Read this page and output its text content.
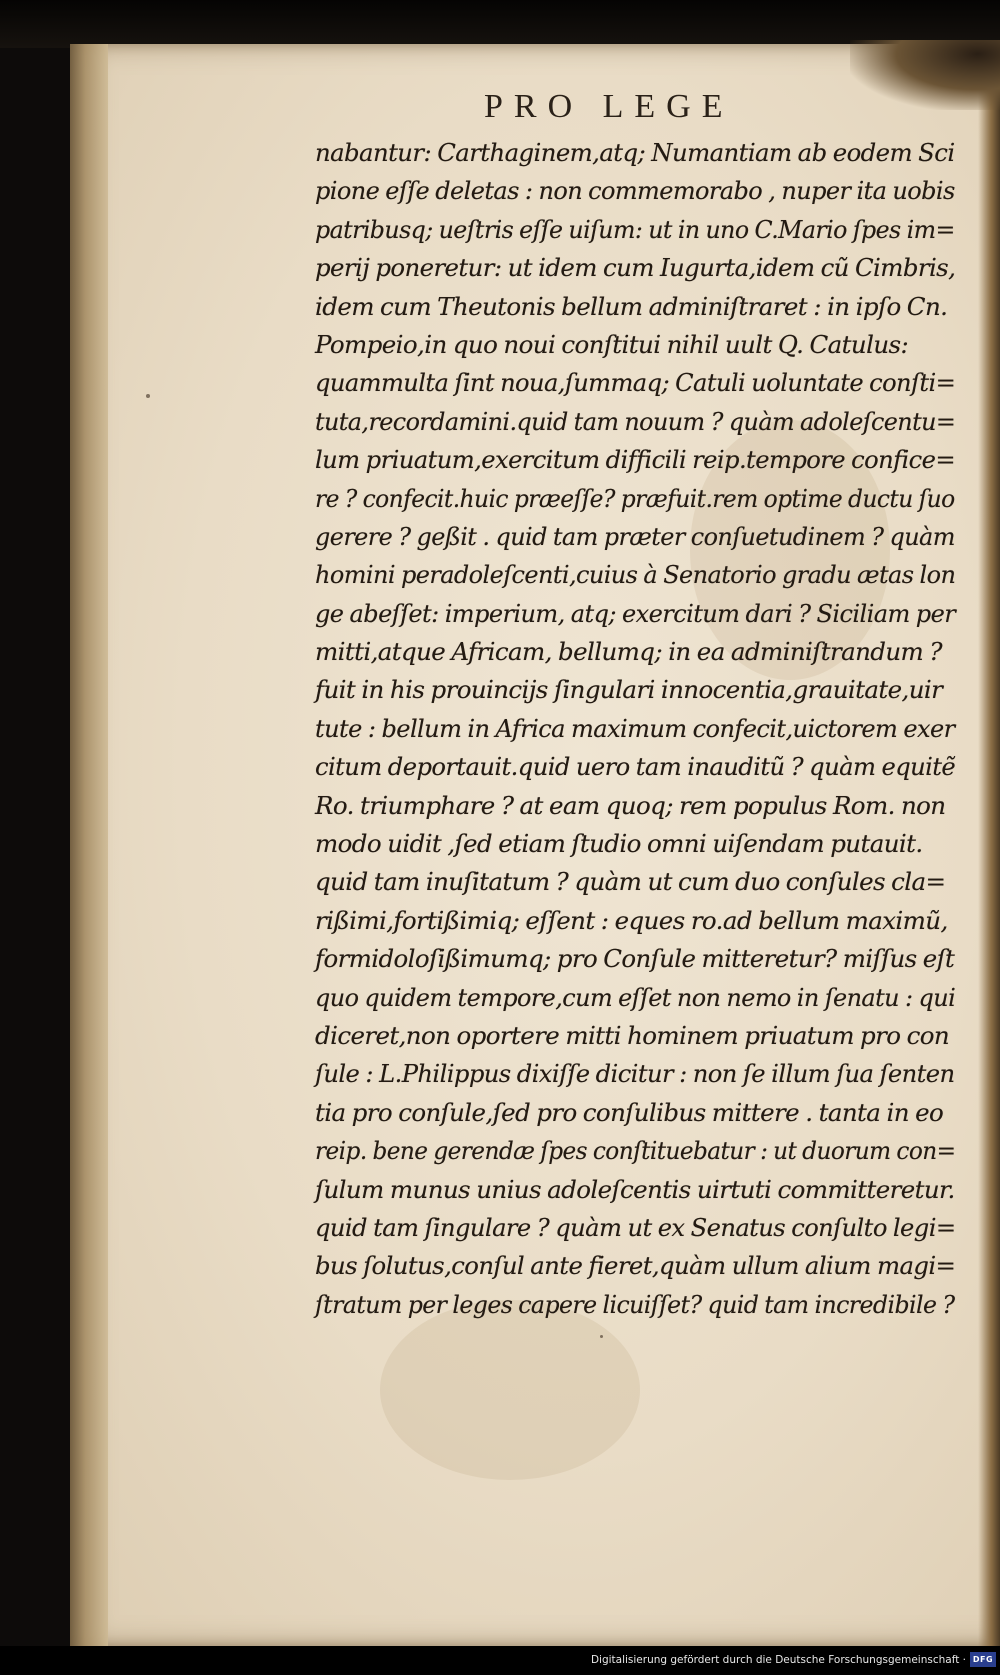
PRO LEGE
nabantur: Carthaginem,atq; Numantiam ab eodem Sci
pione eſſe deletas : non commemorabo , nuper ita uobis
patribusq; ueſtris eſſe uiſum: ut in uno C.Mario ſpes im=
perij poneretur: ut idem cum Iugurta,idem cũ Cimbris,
idem cum Theutonis bellum adminiſtraret : in ipſo Cn.
Pompeio,in quo noui conſtitui nihil uult Q. Catulus:
quammulta ſint noua,ſummaq; Catuli uoluntate conſti=
tuta,recordamini.quid tam nouum ? quàm adoleſcentu=
lum priuatum,exercitum difficili reip.tempore confice=
re ? confecit.huic præeſſe? præfuit.rem optime ductu ſuo
gerere ? geßit . quid tam præter conſuetudinem ? quàm
homini peradoleſcenti,cuius à Senatorio gradu ætas lon
ge abeſſet: imperium, atq; exercitum dari ? Siciliam per
mitti,atque Africam, bellumq; in ea adminiſtrandum ?
fuit in his prouincijs ſingulari innocentia,grauitate,uir
tute : bellum in Africa maximum confecit,uictorem exer
citum deportauit.quid uero tam inauditũ ? quàm equitẽ
Ro. triumphare ? at eam quoq; rem populus Rom. non
modo uidit ,ſed etiam ſtudio omni uiſendam putauit.
quid tam inuſitatum ? quàm ut cum duo conſules cla=
rißimi,fortißimiq; eſſent : eques ro.ad bellum maximũ,
formidoloſißimumq; pro Conſule mitteretur? miſſus eſt
quo quidem tempore,cum eſſet non nemo in ſenatu : qui
diceret,non oportere mitti hominem priuatum pro con
ſule : L.Philippus dixiſſe dicitur : non ſe illum ſua ſenten
tia pro conſule,ſed pro conſulibus mittere . tanta in eo
reip. bene gerendæ ſpes conſtituebatur : ut duorum con=
ſulum munus unius adoleſcentis uirtuti committeretur.
quid tam ſingulare ? quàm ut ex Senatus conſulto legi=
bus ſolutus,conſul ante fieret,quàm ullum alium magi=
ſtratum per leges capere licuiſſet? quid tam incredibile ?
Digitalisierung gefördert durch die Deutsche Forschungsgemeinschaft · DFG
